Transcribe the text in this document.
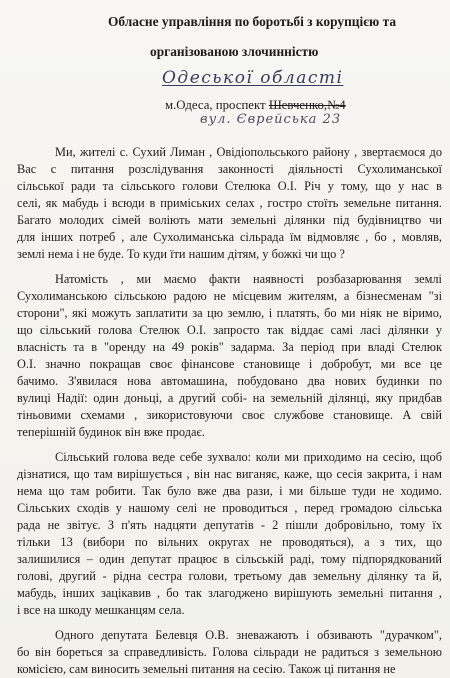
Обласне управління по боротьбі з корупцією та
організованою злочинністю
Одеської області
м.Одеса, проспект Шевченко,№4
вул. Єврейська 23

Ми, жителі с. Сухий Лиман , Овідіопольського району , звертаємося до
Вас с питання розслідування законності діяльності Сухолиманської
сільської ради та сільського голови Стелюка О.І. Річ у тому, що у нас в
селі, як мабудь і всюди в приміських селах , гостро стоїть земельне питання.
Багато молодих сімей воліють мати земельні ділянки під будівництво чи
для інших потреб , але Сухолиманська сільрада їм відмовляє , бо , мовляв,
землі нема і не буде. То куди їти нашим дітям, у божкі чи що ?

Натомість , ми маємо факти наявності розбазарювання землі
Сухолиманською сільською радою не місцевим жителям, а бізнесменам "зі
сторони", які можуть заплатити за цю землю, і платять, бо ми ніяк не віримо,
що сільський голова Стелюк О.І. запросто так віддає самі ласі ділянки у
власність та в "оренду на 49 років" задарма. За період при владі Стелюк
О.І. значно покращав своє фінансове становище і добробут, ми все це
бачимо. З'явилася нова автомашина, побудовано два нових будинки по
вулиці Надії: один доньці, а другий собі- на земельній ділянці, яку придбав
тіньовими схемами , зикористовуючи своє службове становище. А свій
теперішній будинок він вже продає.

Сільський голова веде себе зухвало: коли ми приходимо на сесію, щоб
дізнатися, що там вирішується , він нас виганяє, каже, що сесія закрита, і нам
нема що там робити. Так було вже два рази, і ми більше туди не ходимо.
Сільських сходів у нашому селі не проводиться , перед громадою сільська
рада не звітує. З п'ять надцяти депутатів - 2 пішли добровільно, тому їх
тільки 13 (вибори по вільних округах не проводяться), а з тих, що
залишилися – один депутат працює в сільській раді, тому підпорядкований
голові, другий - рідна сестра голови, третьому дав земельну ділянку та й,
мабудь, інших зацікавив , бо так злагоджено вирішують земельні питання ,
і все на шкоду мешканцям села.

Одного депутата Белевця О.В. зневажають і обзивають "дурачком",
бо він бореться за справедливість. Голова сільради не радиться з земельною
комісією, сам виносить земельні питання на сесію. Також ці питання не
